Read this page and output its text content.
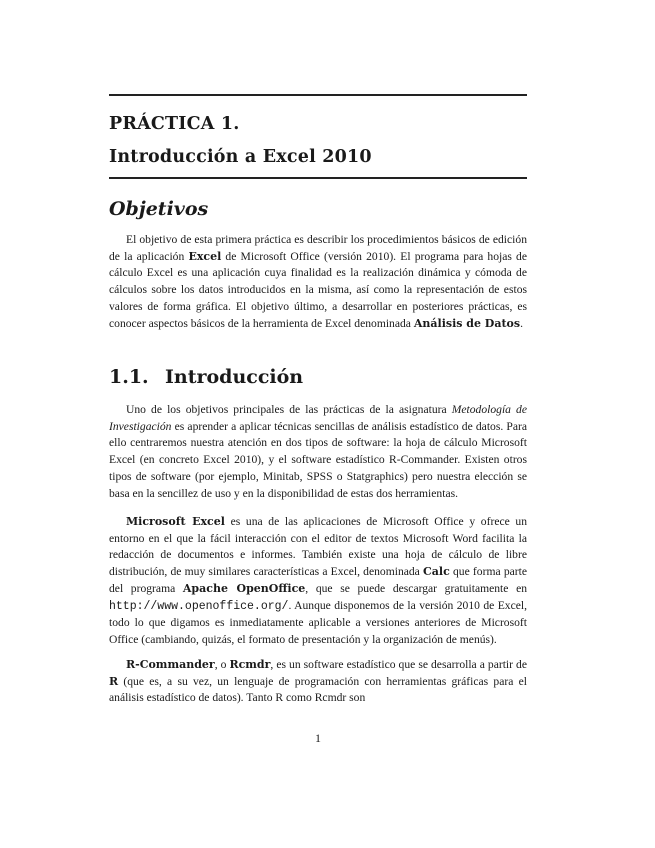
PRÁCTICA 1.
Introducción a Excel 2010
Objetivos

El objetivo de esta primera práctica es describir los procedimientos básicos de edición de la aplicación Excel de Microsoft Office (versión 2010). El programa para hojas de cálculo Excel es una aplicación cuya finalidad es la realización dinámica y cómoda de cálculos sobre los datos introducidos en la misma, así como la representación de estos valores de forma gráfica. El objetivo último, a desarrollar en posteriores prácticas, es conocer aspectos básicos de la herramienta de Excel denominada Análisis de Datos.

1.1. Introducción

Uno de los objetivos principales de las prácticas de la asignatura Metodología de Investigación es aprender a aplicar técnicas sencillas de análisis estadístico de datos. Para ello centraremos nuestra atención en dos tipos de software: la hoja de cálculo Microsoft Excel (en concreto Excel 2010), y el software estadístico R-Commander. Existen otros tipos de software (por ejemplo, Minitab, SPSS o Statgraphics) pero nuestra elección se basa en la sencillez de uso y en la disponibilidad de estas dos herramientas.

Microsoft Excel es una de las aplicaciones de Microsoft Office y ofrece un entorno en el que la fácil interacción con el editor de textos Microsoft Word facilita la redacción de documentos e informes. También existe una hoja de cálculo de libre distribución, de muy similares características a Excel, denominada Calc que forma parte del programa Apache OpenOffice, que se puede descargar gratuitamente en http://www.openoffice.org/. Aunque disponemos de la versión 2010 de Excel, todo lo que digamos es inmediatamente aplicable a versiones anteriores de Microsoft Office (cambiando, quizás, el formato de presentación y la organización de menús).

R-Commander, o Rcmdr, es un software estadístico que se desarrolla a partir de R (que es, a su vez, un lenguaje de programación con herramientas gráficas para el análisis estadístico de datos). Tanto R como Rcmdr son

1
